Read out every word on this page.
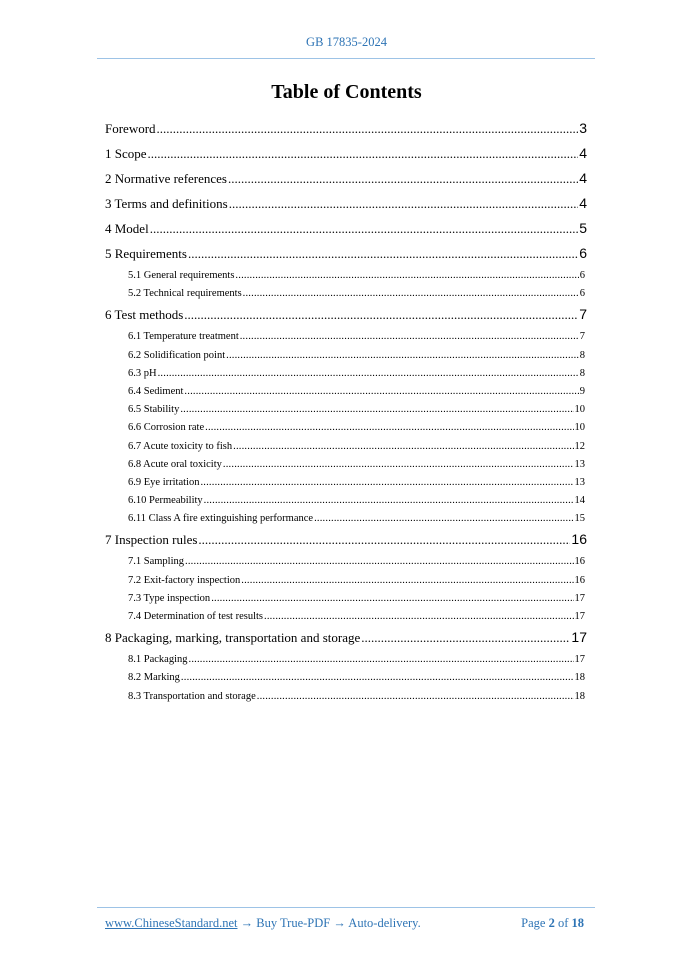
GB 17835-2024
Table of Contents
Foreword .....	3
1 Scope .....	4
2 Normative references .....	4
3 Terms and definitions .....	4
4 Model .....	5
5 Requirements .....	6
5.1 General requirements .....	6
5.2 Technical requirements .....	6
6 Test methods .....	7
6.1 Temperature treatment .....	7
6.2 Solidification point .....	8
6.3 pH .....	8
6.4 Sediment .....	9
6.5 Stability .....	10
6.6 Corrosion rate .....	10
6.7 Acute toxicity to fish .....	12
6.8 Acute oral toxicity .....	13
6.9 Eye irritation .....	13
6.10 Permeability .....	14
6.11 Class A fire extinguishing performance .....	15
7 Inspection rules .....	16
7.1 Sampling .....	16
7.2 Exit-factory inspection .....	16
7.3 Type inspection .....	17
7.4 Determination of test results .....	17
8 Packaging, marking, transportation and storage .....	17
8.1 Packaging .....	17
8.2 Marking .....	18
8.3 Transportation and storage .....	18
www.ChineseStandard.net → Buy True-PDF → Auto-delivery.	Page 2 of 18
